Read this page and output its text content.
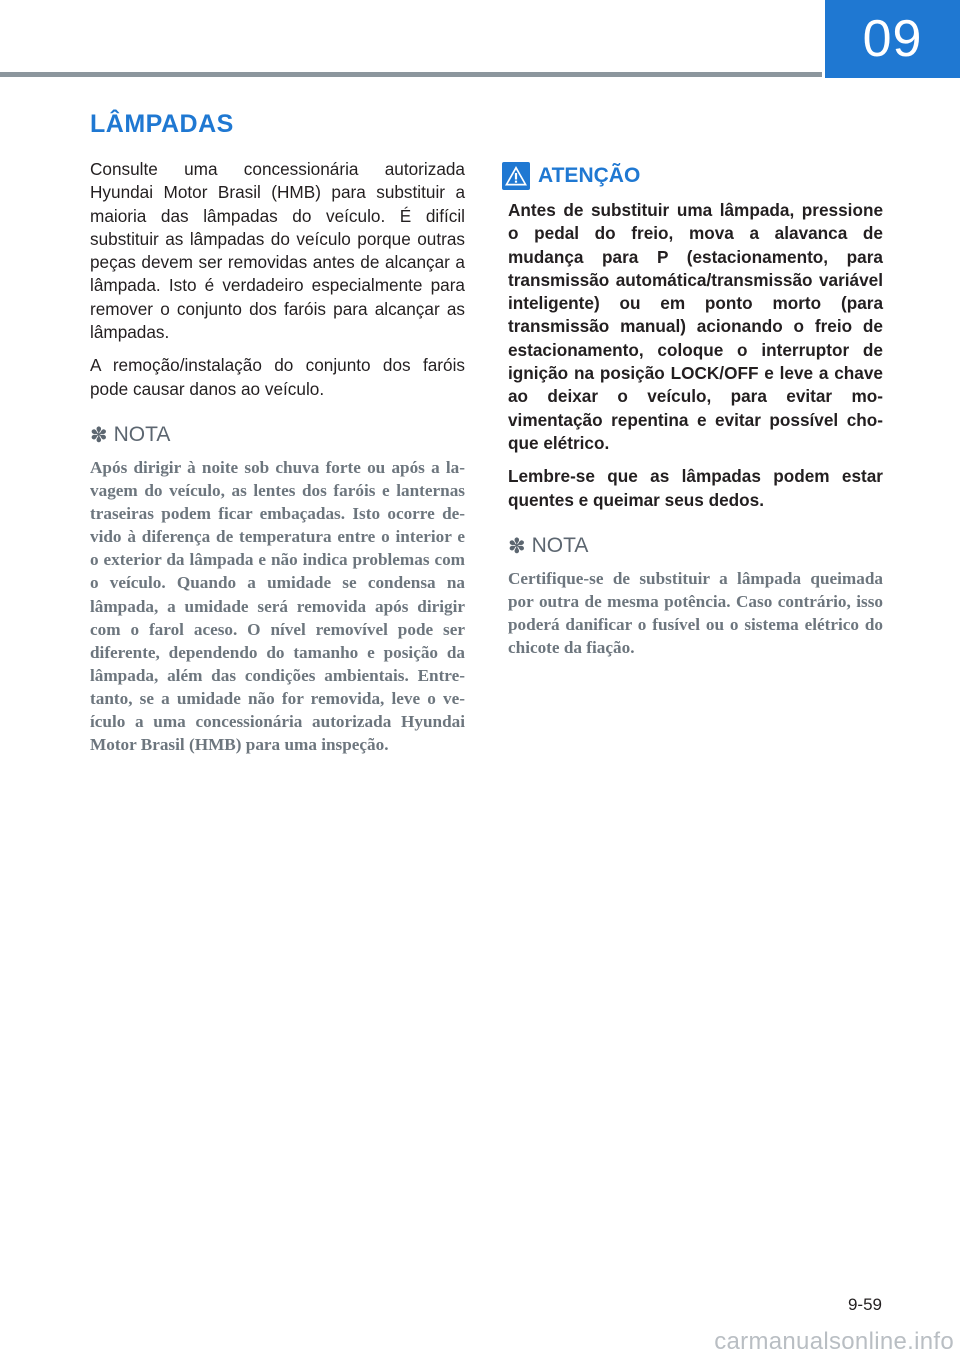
09
LÂMPADAS

Consulte uma concessionária autorizada Hyundai Motor Brasil (HMB) para substituir a maioria das lâmpadas do veículo. É difícil substituir as lâmpadas do veículo porque outras peças devem ser removidas antes de alcançar a lâmpada. Isto é verdadeiro especialmente para remover o conjunto dos faróis para alcançar as lâmpadas.

A remoção/instalação do conjunto dos faróis pode causar danos ao veículo.

✽ NOTA

Após dirigir à noite sob chuva forte ou após a lavagem do veículo, as lentes dos faróis e lanternas traseiras podem ficar embaçadas. Isto ocorre devido à diferença de temperatura entre o interior e o exterior da lâmpada e não indica problemas com o veículo. Quando a umidade se condensa na lâmpada, a umidade será removida após dirigir com o farol aceso. O nível removível pode ser diferente, dependendo do tamanho e posição da lâmpada, além das condições ambientais. Entretanto, se a umidade não for removida, leve o veículo a uma concessionária autorizada Hyundai Motor Brasil (HMB) para uma inspeção.

ATENÇÃO

Antes de substituir uma lâmpada, pressione o pedal do freio, mova a alavanca de mudança para P (estacionamento, para transmissão automática/transmissão variável inteligente) ou em ponto morto (para transmissão manual) acionando o freio de estacionamento, coloque o interruptor de ignição na posição LOCK/OFF e leve a chave ao deixar o veículo, para evitar movimentação repentina e evitar possível choque elétrico.

Lembre-se que as lâmpadas podem estar quentes e queimar seus dedos.

✽ NOTA

Certifique-se de substituir a lâmpada queimada por outra de mesma potência. Caso contrário, isso poderá danificar o fusível ou o sistema elétrico do chicote da fiação.

9-59
carmanualsonline.info
